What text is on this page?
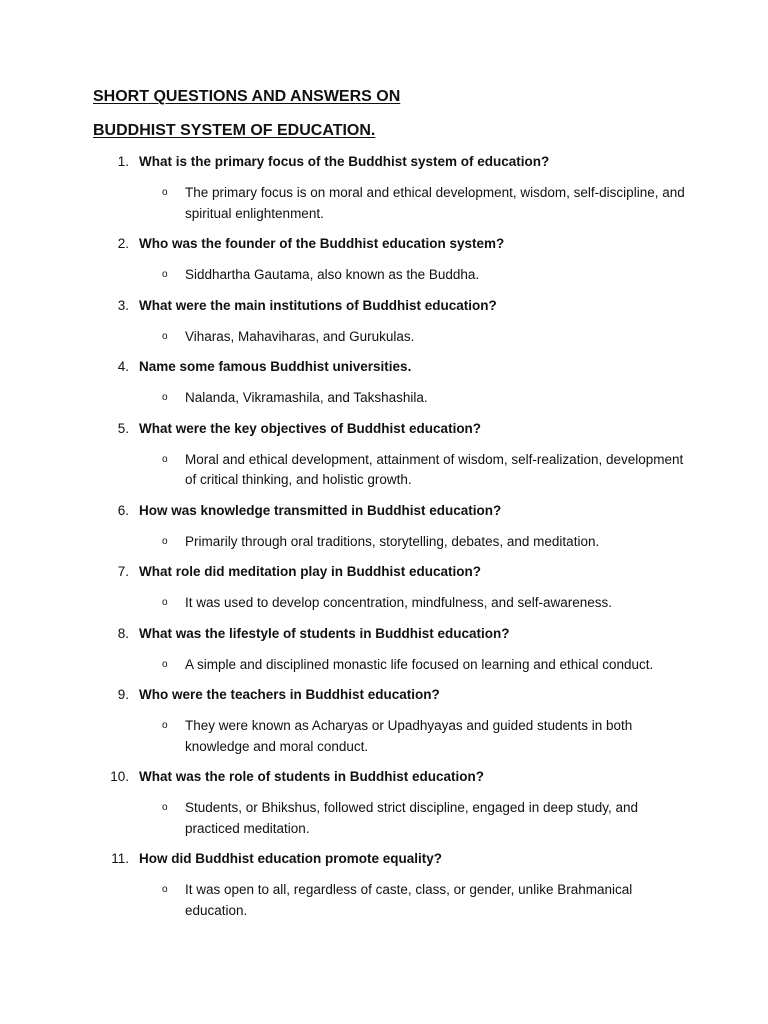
SHORT QUESTIONS AND ANSWERS ON

BUDDHIST SYSTEM OF EDUCATION.

1. What is the primary focus of the Buddhist system of education?
o The primary focus is on moral and ethical development, wisdom, self-discipline, and spiritual enlightenment.
2. Who was the founder of the Buddhist education system?
o Siddhartha Gautama, also known as the Buddha.
3. What were the main institutions of Buddhist education?
o Viharas, Mahaviharas, and Gurukulas.
4. Name some famous Buddhist universities.
o Nalanda, Vikramashila, and Takshashila.
5. What were the key objectives of Buddhist education?
o Moral and ethical development, attainment of wisdom, self-realization, development of critical thinking, and holistic growth.
6. How was knowledge transmitted in Buddhist education?
o Primarily through oral traditions, storytelling, debates, and meditation.
7. What role did meditation play in Buddhist education?
o It was used to develop concentration, mindfulness, and self-awareness.
8. What was the lifestyle of students in Buddhist education?
o A simple and disciplined monastic life focused on learning and ethical conduct.
9. Who were the teachers in Buddhist education?
o They were known as Acharyas or Upadhyayas and guided students in both knowledge and moral conduct.
10. What was the role of students in Buddhist education?
o Students, or Bhikshus, followed strict discipline, engaged in deep study, and practiced meditation.
11. How did Buddhist education promote equality?
o It was open to all, regardless of caste, class, or gender, unlike Brahmanical education.
